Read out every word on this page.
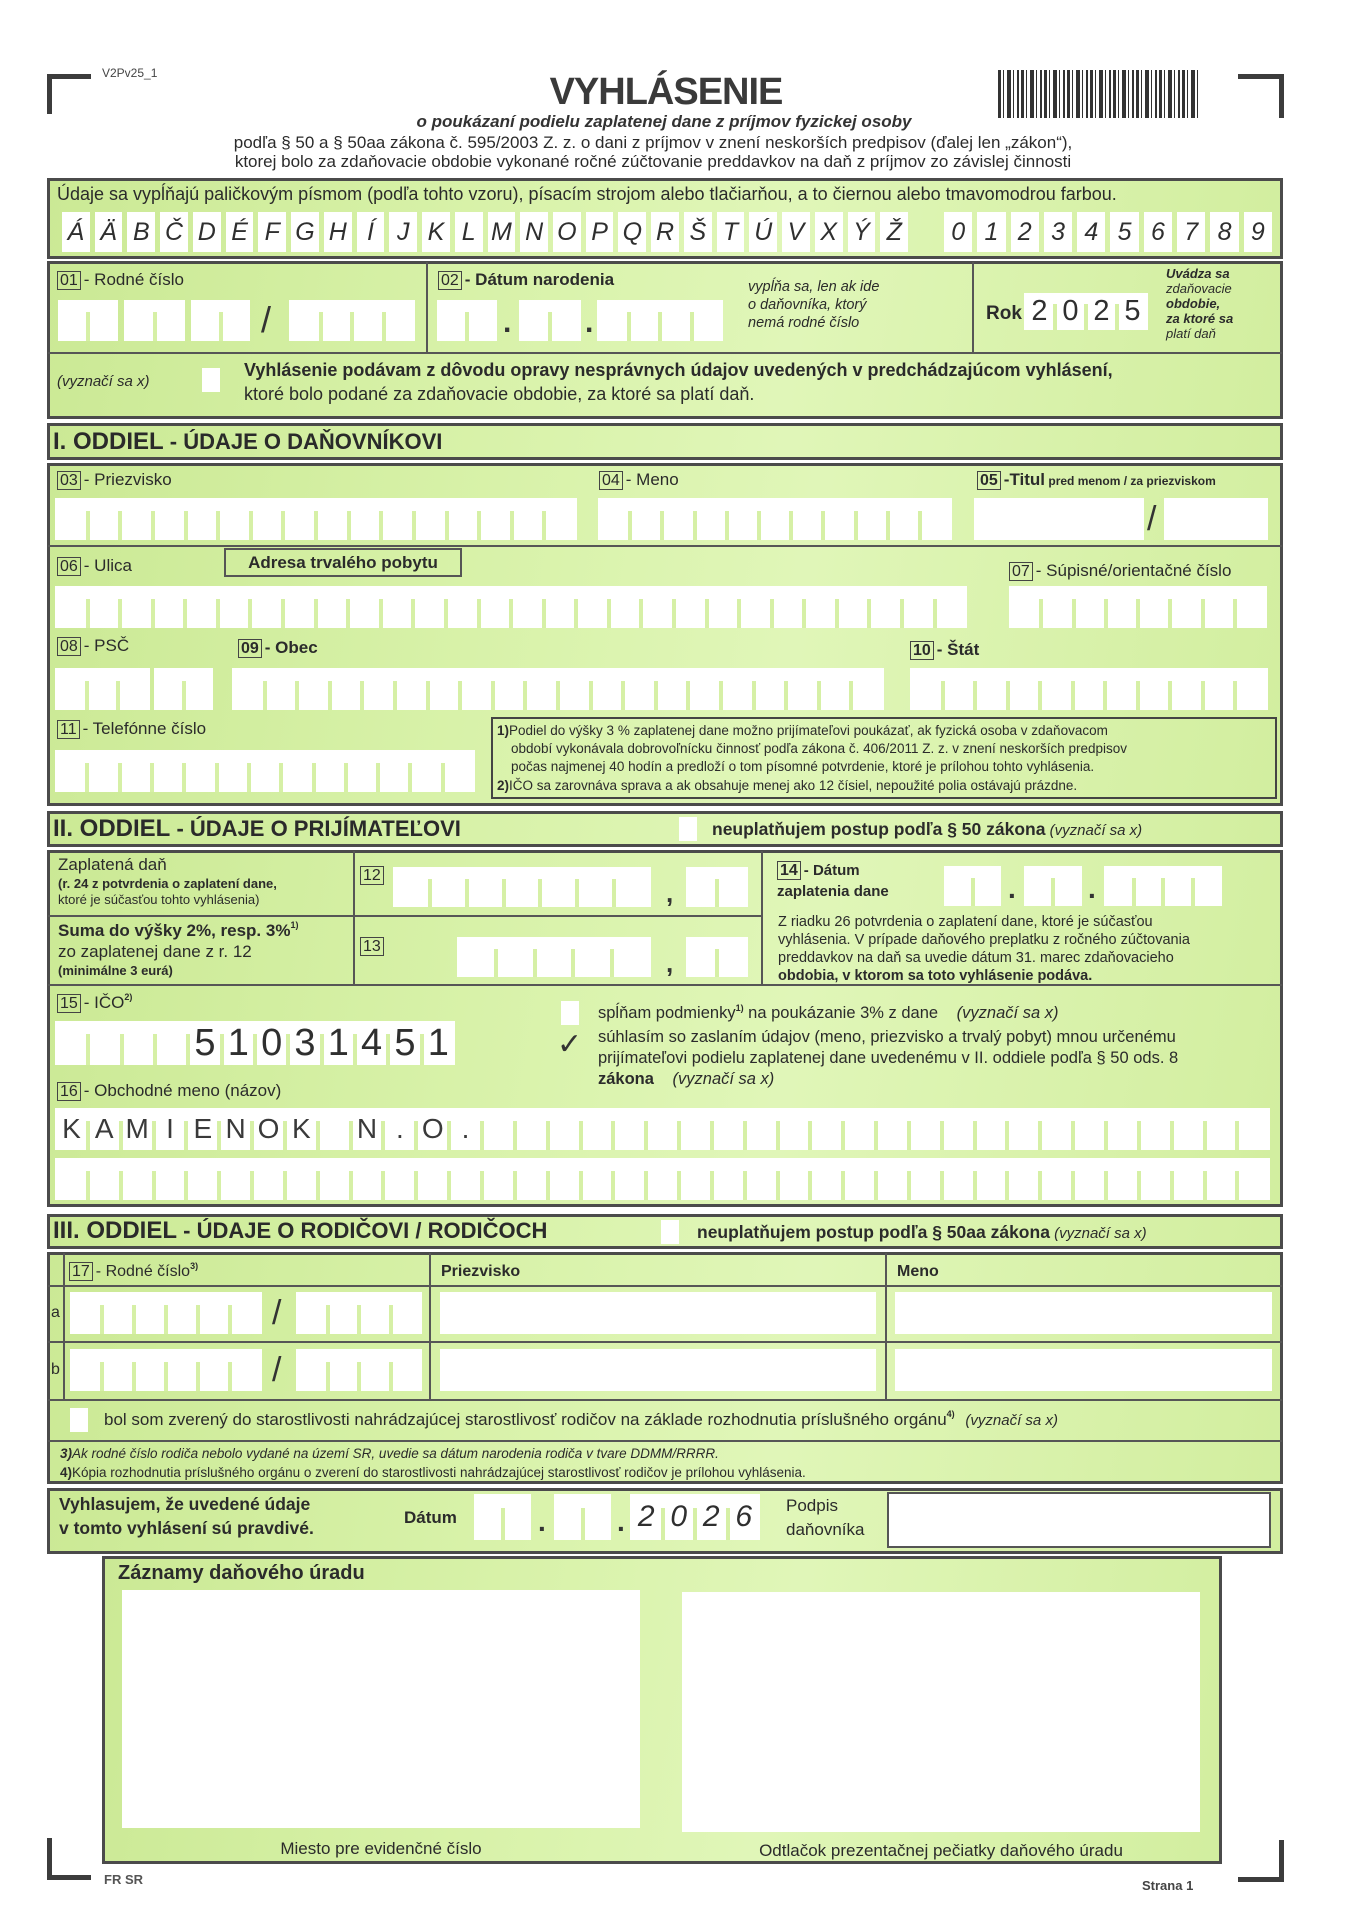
V2Pv25_1	VYHLÁSENIE
o poukázaní podielu zaplatenej dane z príjmov fyzickej osoby
podľa § 50 a § 50aa zákona č. 595/2003 Z. z. o dani z príjmov v znení neskorších predpisov (ďalej len „zákon“),
ktorej bolo za zdaňovacie obdobie vykonané ročné zúčtovanie preddavkov na daň z príjmov zo závislej činnosti
Údaje sa vypĺňajú paličkovým písmom (podľa tohto vzoru), písacím strojom alebo tlačiarňou, a to čiernou alebo tmavomodrou farbou.
Á Ä B Č D É F G H Í J K L M N O P Q R Š T Ú V X Ý Ž 0 1 2 3 4 5 6 7 8 9
01 - Rodné číslo
/
02 - Dátum narodenia
. .
vypĺňa sa, len ak ide
o daňovníka, ktorý
nemá rodné číslo	Rok 2 0 2 5
Uvádza sa
zdaňovacie
obdobie,
za ktoré sa
platí daň
(vyznačí sa x)
Vyhlásenie podávam z dôvodu opravy nesprávnych údajov uvedených v predchádzajúcom vyhlásení,
ktoré bolo podané za zdaňovacie obdobie, za ktoré sa platí daň.
I. ODDIEL - ÚDAJE O DAŇOVNÍKOVI
03 - Priezvisko	04 - Meno	05 -Titul pred menom / za priezviskom
/
06 - Ulica	Adresa trvalého pobytu	07 - Súpisné/orientačné číslo
08 - PSČ	09 - Obec	10 - Štát
11 - Telefónne číslo	1)Podiel do výšky 3 % zaplatenej dane možno prijímateľovi poukázať, ak fyzická osoba v zdaňovacom
období vykonávala dobrovoľnícku činnosť podľa zákona č. 406/2011 Z. z. v znení neskorších predpisov
počas najmenej 40 hodín a predloží o tom písomné potvrdenie, ktoré je prílohou tohto vyhlásenia.
2)IČO sa zarovnáva sprava a ak obsahuje menej ako 12 čísiel, nepoužité polia ostávajú prázdne.
II. ODDIEL - ÚDAJE O PRIJÍMATEĽOVI	neuplatňujem postup podľa § 50 zákona (vyznačí sa x)
Zaplatená daň
(r. 24 z potvrdenia o zaplatení dane,
ktoré je súčasťou tohto vyhlásenia)
12
,
Suma do výšky 2%, resp. 3%$^{1)}$
zo zaplatenej dane z r. 12
(minimálne 3 eurá)
13
,
14 - Dátum
zaplatenia dane	.	.
Z riadku 26 potvrdenia o zaplatení dane, ktoré je súčasťou
vyhlásenia. V prípade daňového preplatku z ročného zúčtovania
preddavkov na daň sa uvedie dátum 31. marec zdaňovacieho
obdobia, v ktorom sa toto vyhlásenie podáva.
15 - IČO$^{2)}$
5 1 0 3 1 4 5 1
spĺňam podmienky$^{1)}$ na poukázanie 3% z dane (vyznačí sa x)
✓ súhlasím so zaslaním údajov (meno, priezvisko a trvalý pobyt) mnou určenému
prijímateľovi podielu zaplatenej dane uvedenému v II. oddiele podľa § 50 ods. 8
zákona (vyznačí sa x)
16 - Obchodné meno (názov)
K A M I E N O K N . O .
III. ODDIEL - ÚDAJE O RODIČOVI / RODIČOCH	neuplatňujem postup podľa § 50aa zákona (vyznačí sa x)
17 - Rodné číslo$^{3)}$	Priezvisko	Meno
a	/
b	/
bol som zverený do starostlivosti nahrádzajúcej starostlivosť rodičov na základe rozhodnutia príslušného orgánu$^{4)}$ (vyznačí sa x)
3)Ak rodné číslo rodiča nebolo vydané na území SR, uvedie sa dátum narodenia rodiča v tvare DDMM/RRRR.
4)Kópia rozhodnutia príslušného orgánu o zverení do starostlivosti nahrádzajúcej starostlivosť rodičov je prílohou vyhlásenia.
Vyhlasujem, že uvedené údaje
v tomto vyhlásení sú pravdivé.
Dátum	.	. 2 0 2 6	Podpis
daňovníka
Záznamy daňového úradu
Miesto pre evidenčné číslo	Odtlačok prezentačnej pečiatky daňového úradu
FR SR	Strana 1
